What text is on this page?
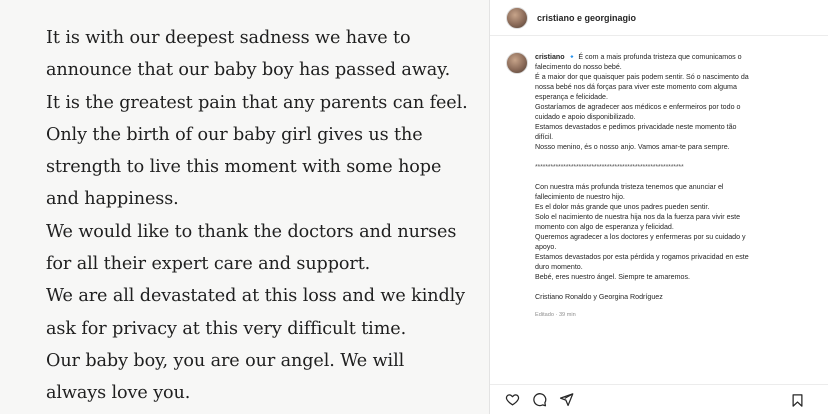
It is with our deepest sadness we have to
announce that our baby boy has passed away.
It is the greatest pain that any parents can feel.
Only the birth of our baby girl gives us the
strength to live this moment with some hope
and happiness.
We would like to thank the doctors and nurses
for all their expert care and support.
We are all devastated at this loss and we kindly
ask for privacy at this very difficult time.
Our baby boy, you are our angel. We will
always love you.
cristiano e georginagio
cristiano 🔹 É com a mais profunda tristeza que comunicamos o
falecimento do nosso bebé.
É a maior dor que quaisquer pais podem sentir. Só o nascimento da
nossa bebé nos dá forças para viver este momento com alguma
esperança e felicidade.
Gostaríamos de agradecer aos médicos e enfermeiros por todo o
cuidado e apoio disponibilizado.
Estamos devastados e pedimos privacidade neste momento tão
difícil.
Nosso menino, és o nosso anjo. Vamos amar-te para sempre.
**********************************************************
Con nuestra más profunda tristeza tenemos que anunciar el
fallecimiento de nuestro hijo.
Es el dolor más grande que unos padres pueden sentir.
Solo el nacimiento de nuestra hija nos da la fuerza para vivir este
momento con algo de esperanza y felicidad.
Queremos agradecer a los doctores y enfermeras por su cuidado y
apoyo.
Estamos devastados por esta pérdida y rogamos privacidad en este
duro momento.
Bebé, eres nuestro ángel. Siempre te amaremos.
Cristiano Ronaldo y Georgina Rodríguez
Editado · 39 min
